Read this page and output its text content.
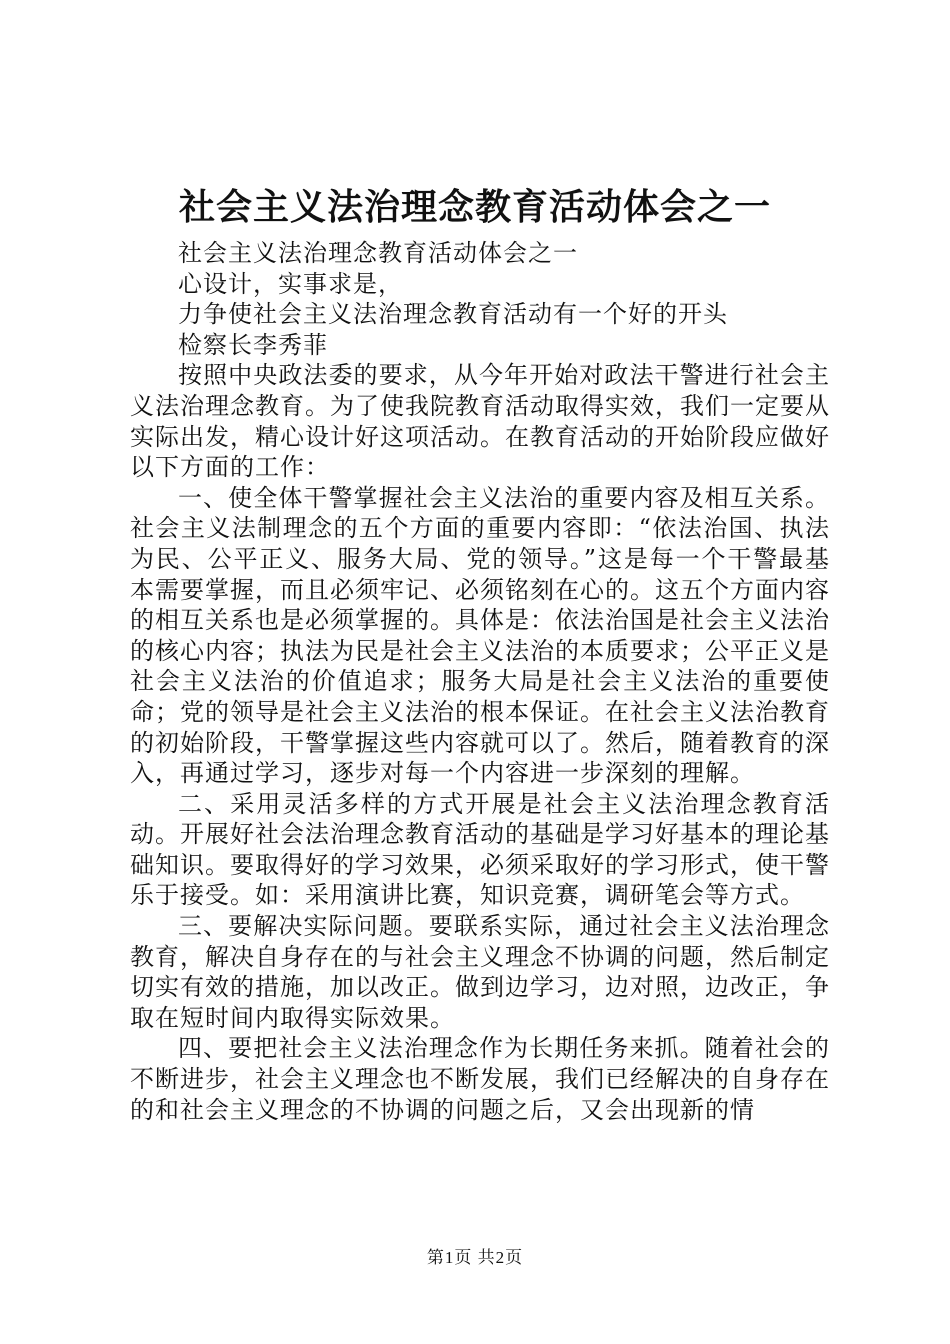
社会主义法治理念教育活动体会之一

社会主义法治理念教育活动体会之一

心设计，实事求是，

力争使社会主义法治理念教育活动有一个好的开头

检察长李秀菲

按照中央政法委的要求，从今年开始对政法干警进行社会主义法治理念教育。为了使我院教育活动取得实效，我们一定要从实际出发，精心设计好这项活动。在教育活动的开始阶段应做好以下方面的工作：

一、使全体干警掌握社会主义法治的重要内容及相互关系。社会主义法制理念的五个方面的重要内容即：“依法治国、执法为民、公平正义、服务大局、党的领导。”这是每一个干警最基本需要掌握，而且必须牢记、必须铭刻在心的。这五个方面内容的相互关系也是必须掌握的。具体是：依法治国是社会主义法治的核心内容；执法为民是社会主义法治的本质要求；公平正义是社会主义法治的价值追求；服务大局是社会主义法治的重要使命；党的领导是社会主义法治的根本保证。在社会主义法治教育的初始阶段，干警掌握这些内容就可以了。然后，随着教育的深入，再通过学习，逐步对每一个内容进一步深刻的理解。

二、采用灵活多样的方式开展是社会主义法治理念教育活动。开展好社会法治理念教育活动的基础是学习好基本的理论基础知识。要取得好的学习效果，必须采取好的学习形式，使干警乐于接受。如：采用演讲比赛，知识竞赛，调研笔会等方式。

三、要解决实际问题。要联系实际，通过社会主义法治理念教育，解决自身存在的与社会主义理念不协调的问题，然后制定切实有效的措施，加以改正。做到边学习，边对照，边改正，争取在短时间内取得实际效果。

四、要把社会主义法治理念作为长期任务来抓。随着社会的不断进步，社会主义理念也不断发展，我们已经解决的自身存在的和社会主义理念的不协调的问题之后，又会出现新的情

第1页 共2页
